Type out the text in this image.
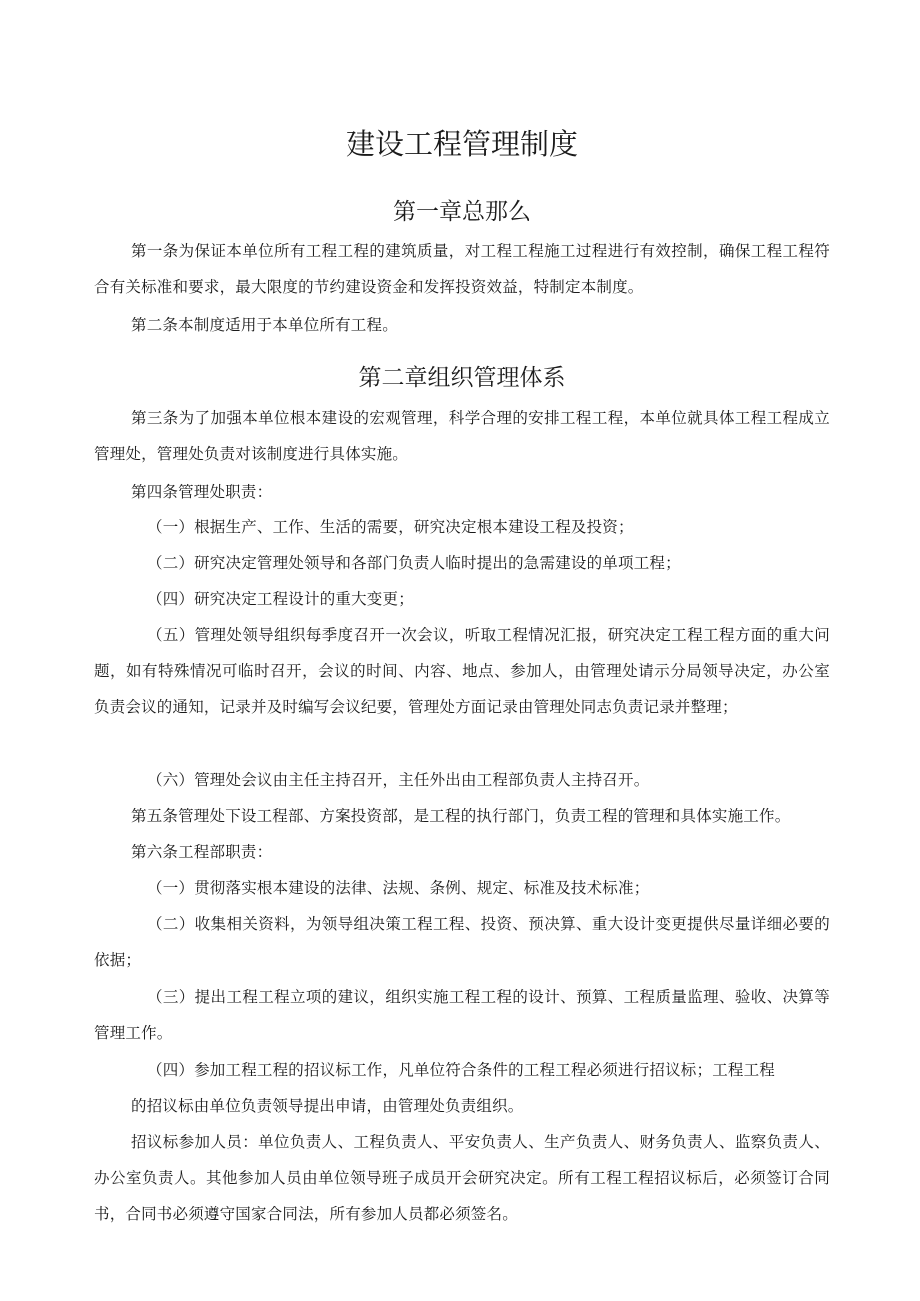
建设工程管理制度
第一章总那么

第一条为保证本单位所有工程工程的建筑质量，对工程工程施工过程进行有效控制，确保工程工程符合有关标准和要求，最大限度的节约建设资金和发挥投资效益，特制定本制度。

第二条本制度适用于本单位所有工程。

第二章组织管理体系

第三条为了加强本单位根本建设的宏观管理，科学合理的安排工程工程，本单位就具体工程工程成立管理处，管理处负责对该制度进行具体实施。

第四条管理处职责：

（一）根据生产、工作、生活的需要，研究决定根本建设工程及投资；

（二）研究决定管理处领导和各部门负责人临时提出的急需建设的单项工程；

（四）研究决定工程设计的重大变更；

（五）管理处领导组织每季度召开一次会议，听取工程情况汇报，研究决定工程工程方面的重大问题，如有特殊情况可临时召开，会议的时间、内容、地点、参加人，由管理处请示分局领导决定，办公室负责会议的通知，记录并及时编写会议纪要，管理处方面记录由管理处同志负责记录并整理；

（六）管理处会议由主任主持召开，主任外出由工程部负责人主持召开。

第五条管理处下设工程部、方案投资部，是工程的执行部门，负责工程的管理和具体实施工作。

第六条工程部职责：

（一）贯彻落实根本建设的法律、法规、条例、规定、标准及技术标准；

（二）收集相关资料，为领导组决策工程工程、投资、预决算、重大设计变更提供尽量详细必要的依据；

（三）提出工程工程立项的建议，组织实施工程工程的设计、预算、工程质量监理、验收、决算等管理工作。

（四）参加工程工程的招议标工作，凡单位符合条件的工程工程必须进行招议标；工程工程

的招议标由单位负责领导提出申请，由管理处负责组织。

招议标参加人员：单位负责人、工程负责人、平安负责人、生产负责人、财务负责人、监察负责人、办公室负责人。其他参加人员由单位领导班子成员开会研究决定。所有工程工程招议标后，必须签订合同书，合同书必须遵守国家合同法，所有参加人员都必须签名。
